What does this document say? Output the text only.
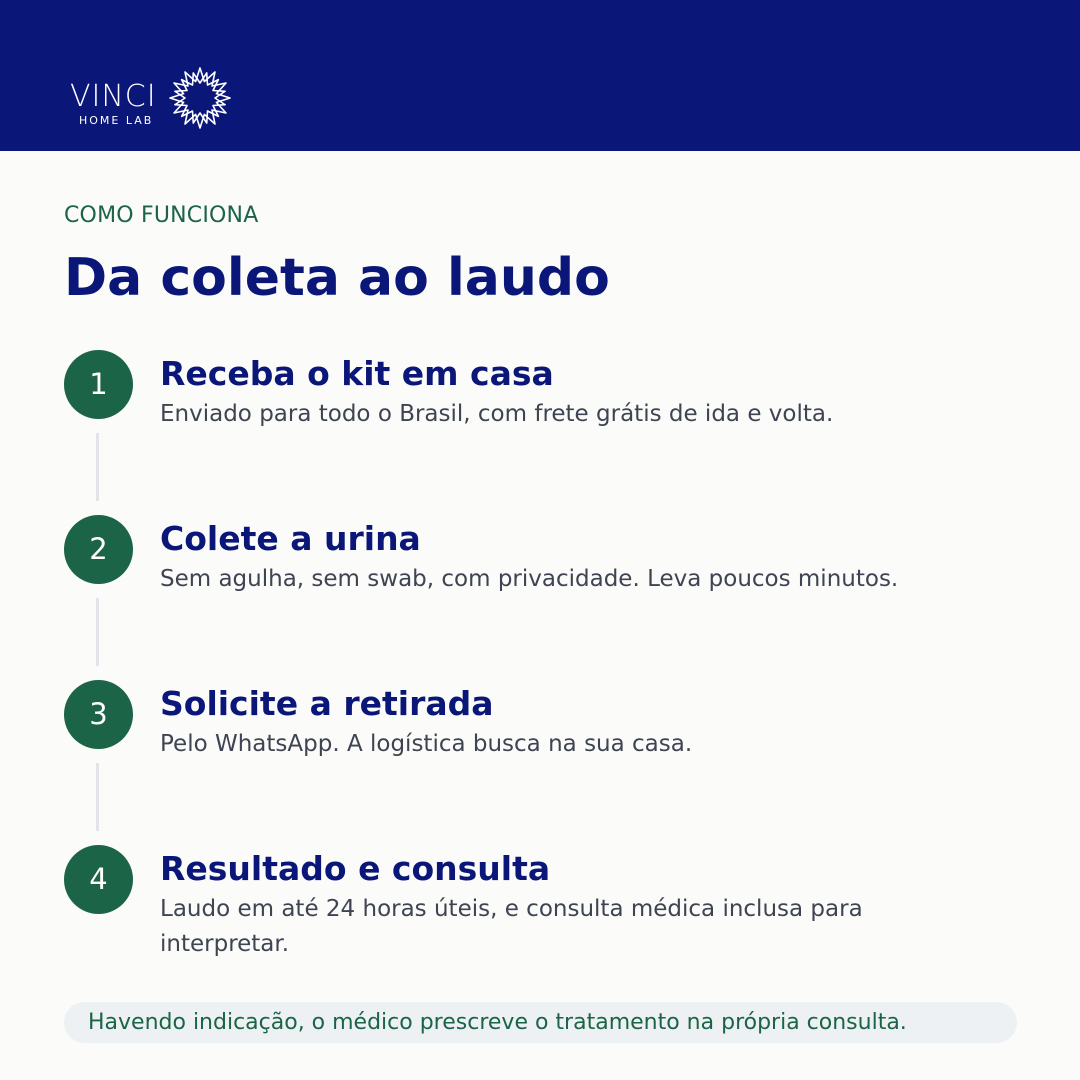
VINCI
HOME LAB
COMO FUNCIONA
Da coleta ao laudo
1	Receba o kit em casa
Enviado para todo o Brasil, com frete grátis de ida e volta.
2	Colete a urina
Sem agulha, sem swab, com privacidade. Leva poucos minutos.
3	Solicite a retirada
Pelo WhatsApp. A logística busca na sua casa.
4	Resultado e consulta
Laudo em até 24 horas úteis, e consulta médica inclusa para interpretar.
Havendo indicação, o médico prescreve o tratamento na própria consulta.
